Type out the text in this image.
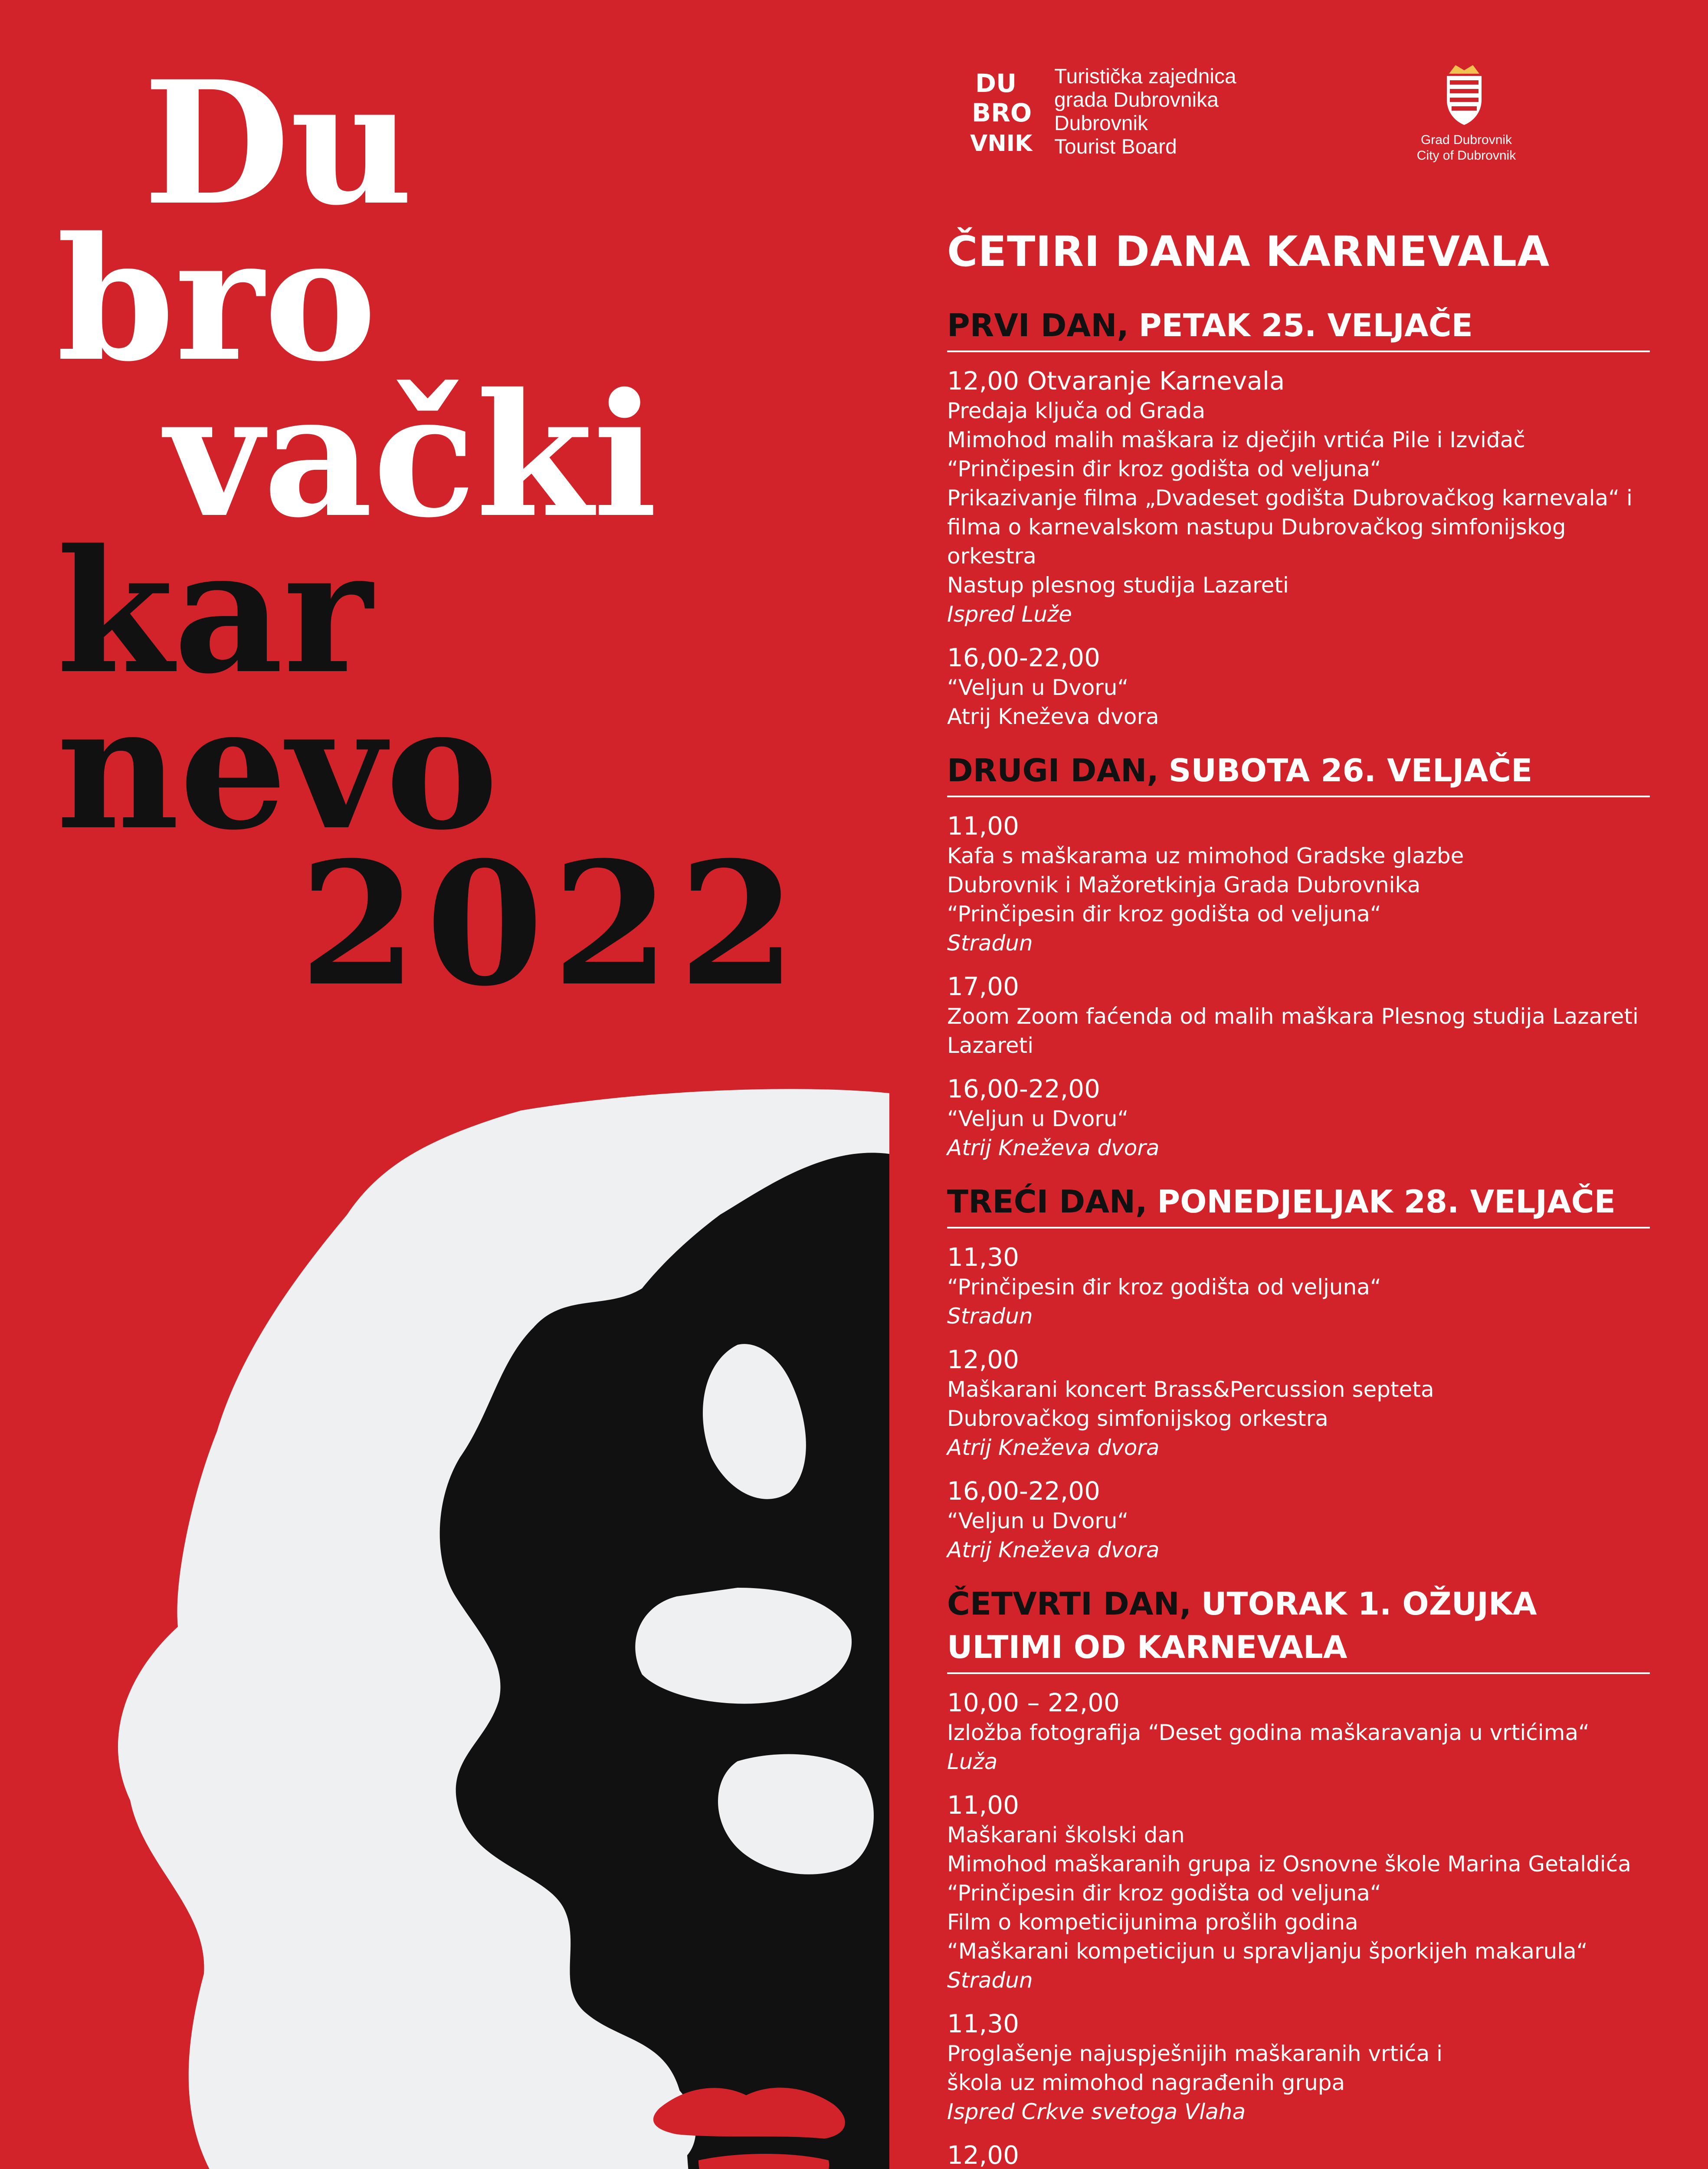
Du
bro
vački
kar
nevo
2022
DU
BRO
VNIK
Turistička zajednica
grada Dubrovnika
Dubrovnik
Tourist Board	Grad Dubrovnik
City of Dubrovnik
ČETIRI DANA KARNEVALA
PRVI DAN, PETAK 25. VELJAČE
12,00 Otvaranje Karnevala
Predaja ključa od Grada
Mimohod malih maškara iz dječjih vrtića Pile i Izviđač
“Prinčipesin đir kroz godišta od veljuna“
Prikazivanje filma „Dvadeset godišta Dubrovačkog karnevala“ i
filma o karnevalskom nastupu Dubrovačkog simfonijskog orkestra
Nastup plesnog studija Lazareti
Ispred Luže
16,00-22,00
“Veljun u Dvoru“
Atrij Kneževa dvora
DRUGI DAN, SUBOTA 26. VELJAČE
11,00
Kafa s maškarama uz mimohod Gradske glazbe
Dubrovnik i Mažoretkinja Grada Dubrovnika
“Prinčipesin đir kroz godišta od veljuna“
Stradun
17,00
Zoom Zoom faćenda od malih maškara Plesnog studija Lazareti
Lazareti
16,00-22,00
“Veljun u Dvoru“
Atrij Kneževa dvora
TREĆI DAN, PONEDJELJAK 28. VELJAČE
11,30
“Prinčipesin đir kroz godišta od veljuna“
Stradun
12,00
Maškarani koncert Brass&Percussion septeta
Dubrovačkog simfonijskog orkestra
Atrij Kneževa dvora
16,00-22,00
“Veljun u Dvoru“
Atrij Kneževa dvora
ČETVRTI DAN, UTORAK 1. OŽUJKA
ULTIMI OD KARNEVALA
10,00 – 22,00
Izložba fotografija “Deset godina maškaravanja u vrtićima“
Luža
11,00
Maškarani školski dan
Mimohod maškaranih grupa iz Osnovne škole Marina Getaldića
“Prinčipesin đir kroz godišta od veljuna“
Film o kompeticijunima prošlih godina
“Maškarani kompeticijun u spravljanju šporkijeh makarula“
Stradun
11,30
Proglašenje najuspješnijih maškaranih vrtića i
škola uz mimohod nagrađenih grupa
Ispred Crkve svetoga Vlaha
12,00
